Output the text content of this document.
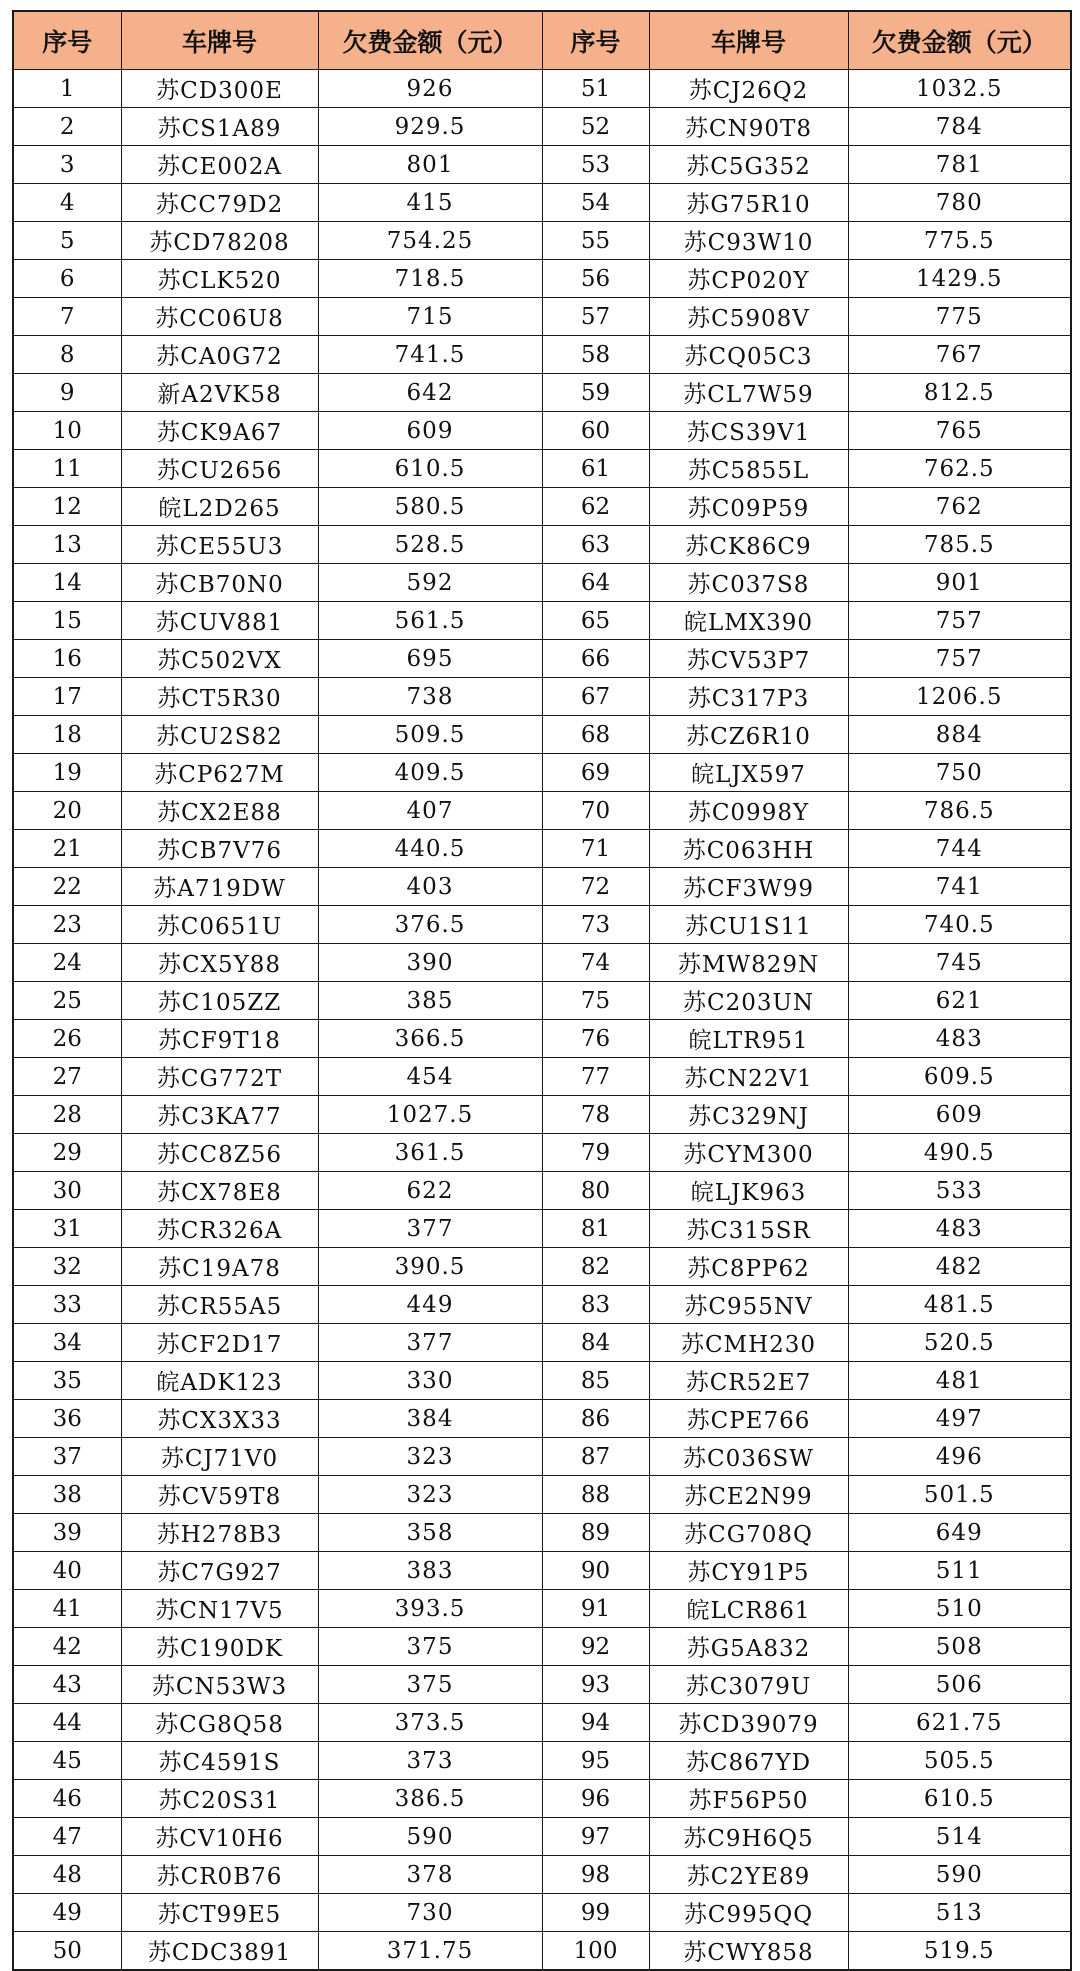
序号	车牌号	欠费金额（元）	序号	车牌号	欠费金额（元）
1	苏CD300E	926	51	苏CJ26Q2	1032.5
2	苏CS1A89	929.5	52	苏CN90T8	784
3	苏CE002A	801	53	苏C5G352	781
4	苏CC79D2	415	54	苏G75R10	780
5	苏CD78208	754.25	55	苏C93W10	775.5
6	苏CLK520	718.5	56	苏CP020Y	1429.5
7	苏CC06U8	715	57	苏C5908V	775
8	苏CA0G72	741.5	58	苏CQ05C3	767
9	新A2VK58	642	59	苏CL7W59	812.5
10	苏CK9A67	609	60	苏CS39V1	765
11	苏CU2656	610.5	61	苏C5855L	762.5
12	皖L2D265	580.5	62	苏C09P59	762
13	苏CE55U3	528.5	63	苏CK86C9	785.5
14	苏CB70N0	592	64	苏C037S8	901
15	苏CUV881	561.5	65	皖LMX390	757
16	苏C502VX	695	66	苏CV53P7	757
17	苏CT5R30	738	67	苏C317P3	1206.5
18	苏CU2S82	509.5	68	苏CZ6R10	884
19	苏CP627M	409.5	69	皖LJX597	750
20	苏CX2E88	407	70	苏C0998Y	786.5
21	苏CB7V76	440.5	71	苏C063HH	744
22	苏A719DW	403	72	苏CF3W99	741
23	苏C0651U	376.5	73	苏CU1S11	740.5
24	苏CX5Y88	390	74	苏MW829N	745
25	苏C105ZZ	385	75	苏C203UN	621
26	苏CF9T18	366.5	76	皖LTR951	483
27	苏CG772T	454	77	苏CN22V1	609.5
28	苏C3KA77	1027.5	78	苏C329NJ	609
29	苏CC8Z56	361.5	79	苏CYM300	490.5
30	苏CX78E8	622	80	皖LJK963	533
31	苏CR326A	377	81	苏C315SR	483
32	苏C19A78	390.5	82	苏C8PP62	482
33	苏CR55A5	449	83	苏C955NV	481.5
34	苏CF2D17	377	84	苏CMH230	520.5
35	皖ADK123	330	85	苏CR52E7	481
36	苏CX3X33	384	86	苏CPE766	497
37	苏CJ71V0	323	87	苏C036SW	496
38	苏CV59T8	323	88	苏CE2N99	501.5
39	苏H278B3	358	89	苏CG708Q	649
40	苏C7G927	383	90	苏CY91P5	511
41	苏CN17V5	393.5	91	皖LCR861	510
42	苏C190DK	375	92	苏G5A832	508
43	苏CN53W3	375	93	苏C3079U	506
44	苏CG8Q58	373.5	94	苏CD39079	621.75
45	苏C4591S	373	95	苏C867YD	505.5
46	苏C20S31	386.5	96	苏F56P50	610.5
47	苏CV10H6	590	97	苏C9H6Q5	514
48	苏CR0B76	378	98	苏C2YE89	590
49	苏CT99E5	730	99	苏C995QQ	513
50	苏CDC3891	371.75	100	苏CWY858	519.5
